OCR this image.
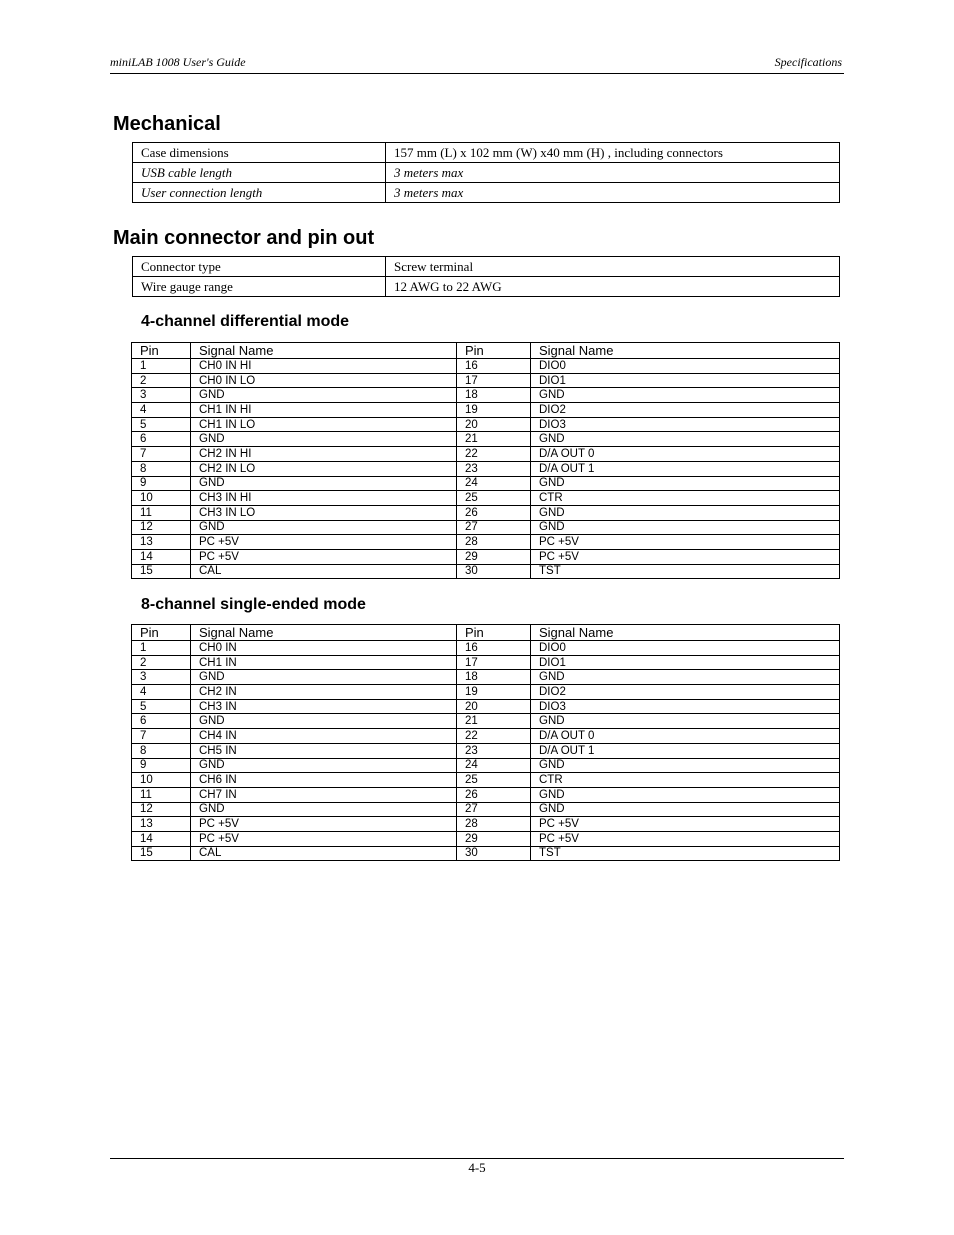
miniLAB 1008 User's Guide	Specifications
Mechanical
Case dimensions	157 mm (L) x 102 mm (W) x40 mm (H) , including connectors
USB cable length	3 meters max
User connection length	3 meters max
Main connector and pin out
Connector type	Screw terminal
Wire gauge range	12 AWG to 22 AWG
4-channel differential mode
Pin	Signal Name	Pin	Signal Name
1	CH0 IN HI	16	DIO0
2	CH0 IN LO	17	DIO1
3	GND	18	GND
4	CH1 IN HI	19	DIO2
5	CH1 IN LO	20	DIO3
6	GND	21	GND
7	CH2 IN HI	22	D/A OUT 0
8	CH2 IN LO	23	D/A OUT 1
9	GND	24	GND
10	CH3 IN HI	25	CTR
11	CH3 IN LO	26	GND
12	GND	27	GND
13	PC +5V	28	PC +5V
14	PC +5V	29	PC +5V
15	CAL	30	TST
8-channel single-ended mode
Pin	Signal Name	Pin	Signal Name
1	CH0 IN	16	DIO0
2	CH1 IN	17	DIO1
3	GND	18	GND
4	CH2 IN	19	DIO2
5	CH3 IN	20	DIO3
6	GND	21	GND
7	CH4 IN	22	D/A OUT 0
8	CH5 IN	23	D/A OUT 1
9	GND	24	GND
10	CH6 IN	25	CTR
11	CH7 IN	26	GND
12	GND	27	GND
13	PC +5V	28	PC +5V
14	PC +5V	29	PC +5V
15	CAL	30	TST
4-5
